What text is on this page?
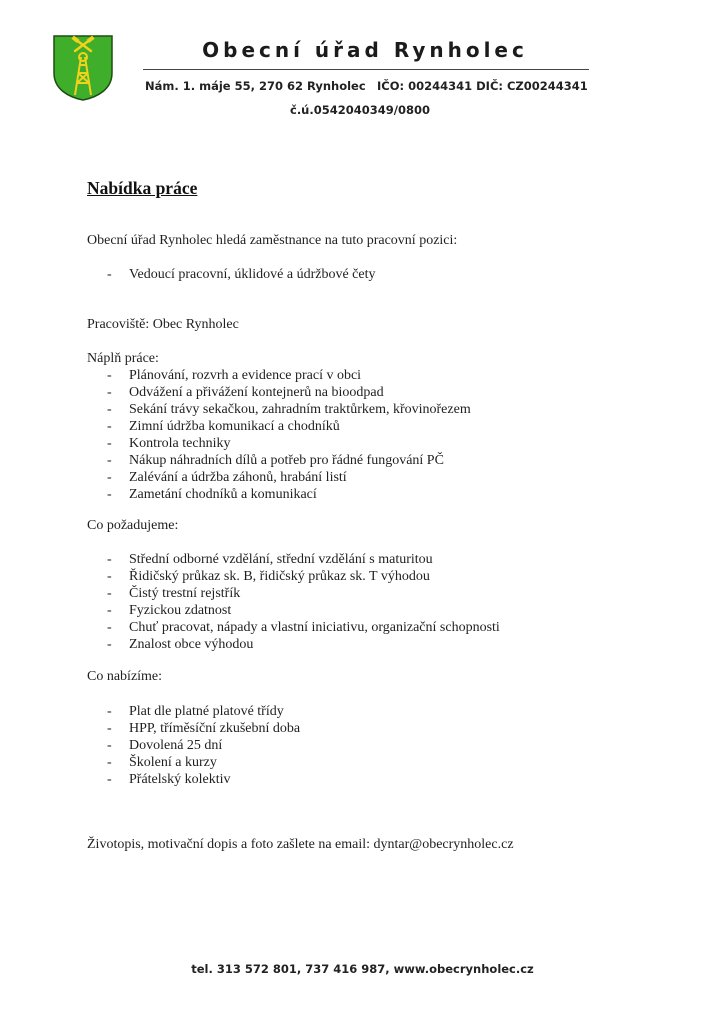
Obecní úřad Rynholec
Nám. 1. máje 55, 270 62 Rynholec IČO: 00244341 DIČ: CZ00244341
č.ú.0542040349/0800
Nabídka práce

Obecní úřad Rynholec hledá zaměstnance na tuto pracovní pozici:

- Vedoucí pracovní, úklidové a údržbové čety

Pracoviště: Obec Rynholec

Náplň práce:

- Plánování, rozvrh a evidence prací v obci
- Odvážení a přivážení kontejnerů na bioodpad
- Sekání trávy sekačkou, zahradním traktůrkem, křovinořezem
- Zimní údržba komunikací a chodníků
- Kontrola techniky
- Nákup náhradních dílů a potřeb pro řádné fungování PČ
- Zalévání a údržba záhonů, hrabání listí
- Zametání chodníků a komunikací

Co požadujeme:

- Střední odborné vzdělání, střední vzdělání s maturitou
- Řidičský průkaz sk. B, řidičský průkaz sk. T výhodou
- Čistý trestní rejstřík
- Fyzickou zdatnost
- Chuť pracovat, nápady a vlastní iniciativu, organizační schopnosti
- Znalost obce výhodou

Co nabízíme:

- Plat dle platné platové třídy
- HPP, tříměsíční zkušební doba
- Dovolená 25 dní
- Školení a kurzy
- Přátelský kolektiv

Životopis, motivační dopis a foto zašlete na email: dyntar@obecrynholec.cz

tel. 313 572 801, 737 416 987, www.obecrynholec.cz
